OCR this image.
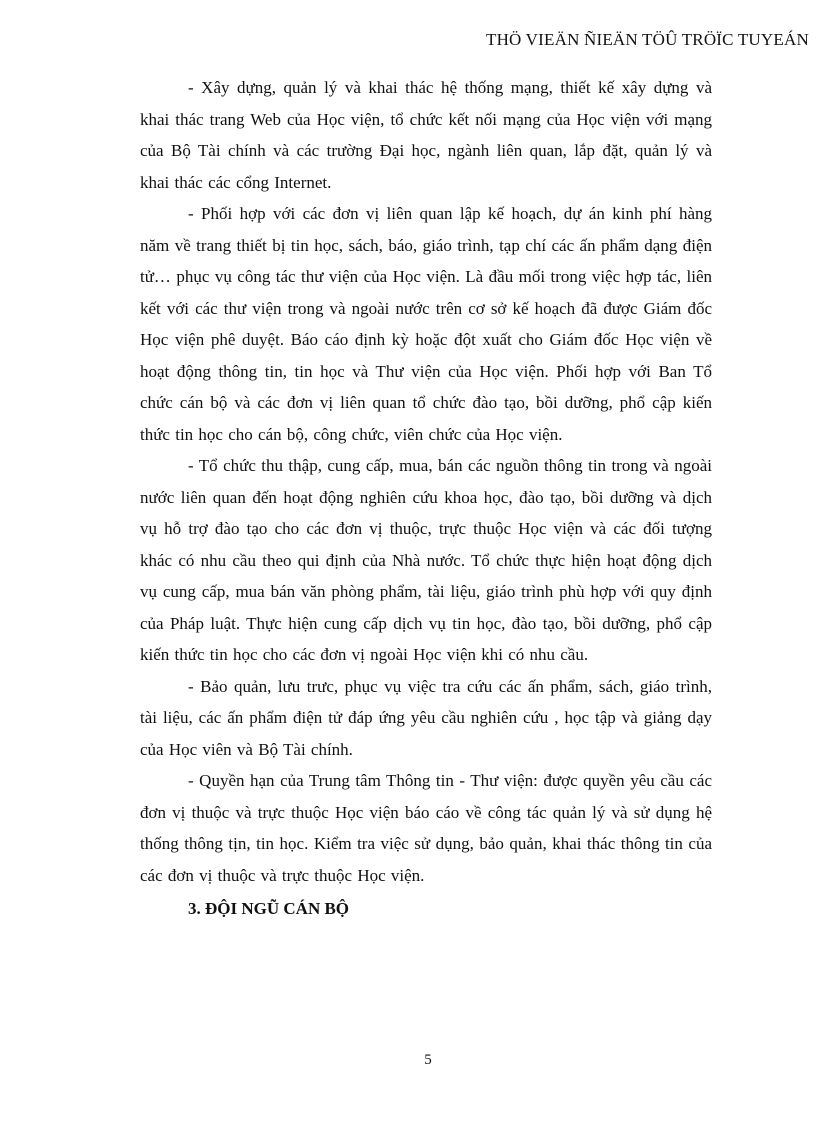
THÖ VIEÄN ÑIEÄN TÖÛ TRÖÏC TUYEÁN

- Xây dựng, quản lý và khai thác hệ thống mạng, thiết kế xây dựng và khai thác trang Web của Học viện, tổ chức kết nối mạng của Học viện với mạng của Bộ Tài chính và các trường Đại học, ngành liên quan, lắp đặt, quản lý và khai thác các cổng Internet.

- Phối hợp với các đơn vị liên quan lập kế hoạch, dự án kinh phí hàng năm về trang thiết bị tin học, sách, báo, giáo trình, tạp chí các ấn phẩm dạng điện tử… phục vụ công tác thư viện của Học viện. Là đầu mối trong việc hợp tác, liên kết với các thư viện trong và ngoài nước trên cơ sở kế hoạch đã được Giám đốc Học viện phê duyệt. Báo cáo định kỳ hoặc đột xuất cho Giám đốc Học viện về hoạt động thông tin, tin học và Thư viện của Học viện. Phối hợp với Ban Tổ chức cán bộ và các đơn vị liên quan tổ chức đào tạo, bồi dưỡng, phổ cập kiến thức tin học cho cán bộ, công chức, viên chức của Học viện.

- Tổ chức thu thập, cung cấp, mua, bán các nguồn thông tin trong và ngoài nước liên quan đến hoạt động nghiên cứu khoa học, đào tạo, bồi dưỡng và dịch vụ hỗ trợ đào tạo cho các đơn vị thuộc, trực thuộc Học viện và các đối tượng khác có nhu cầu theo qui định của Nhà nước. Tổ chức thực hiện hoạt động dịch vụ cung cấp, mua bán văn phòng phẩm, tài liệu, giáo trình phù hợp với quy định của Pháp luật. Thực hiện cung cấp dịch vụ tin học, đào tạo, bồi dưỡng, phổ cập kiến thức tin học cho các đơn vị ngoài Học viện khi có nhu cầu.

- Bảo quản, lưu trưc, phục vụ việc tra cứu các ấn phẩm, sách, giáo trình, tài liệu, các ấn phẩm điện tử đáp ứng yêu cầu nghiên cứu , học tập và giảng dạy của Học viên và Bộ Tài chính.

- Quyền hạn của Trung tâm Thông tin - Thư viện: được quyền yêu cầu các đơn vị thuộc và trực thuộc Học viện báo cáo về công tác quản lý và sử dụng hệ thống thông tịn, tin học. Kiểm tra việc sử dụng, bảo quản, khai thác thông tin của các đơn vị thuộc và trực thuộc Học viện.

3. ĐỘI NGŨ CÁN BỘ
5
